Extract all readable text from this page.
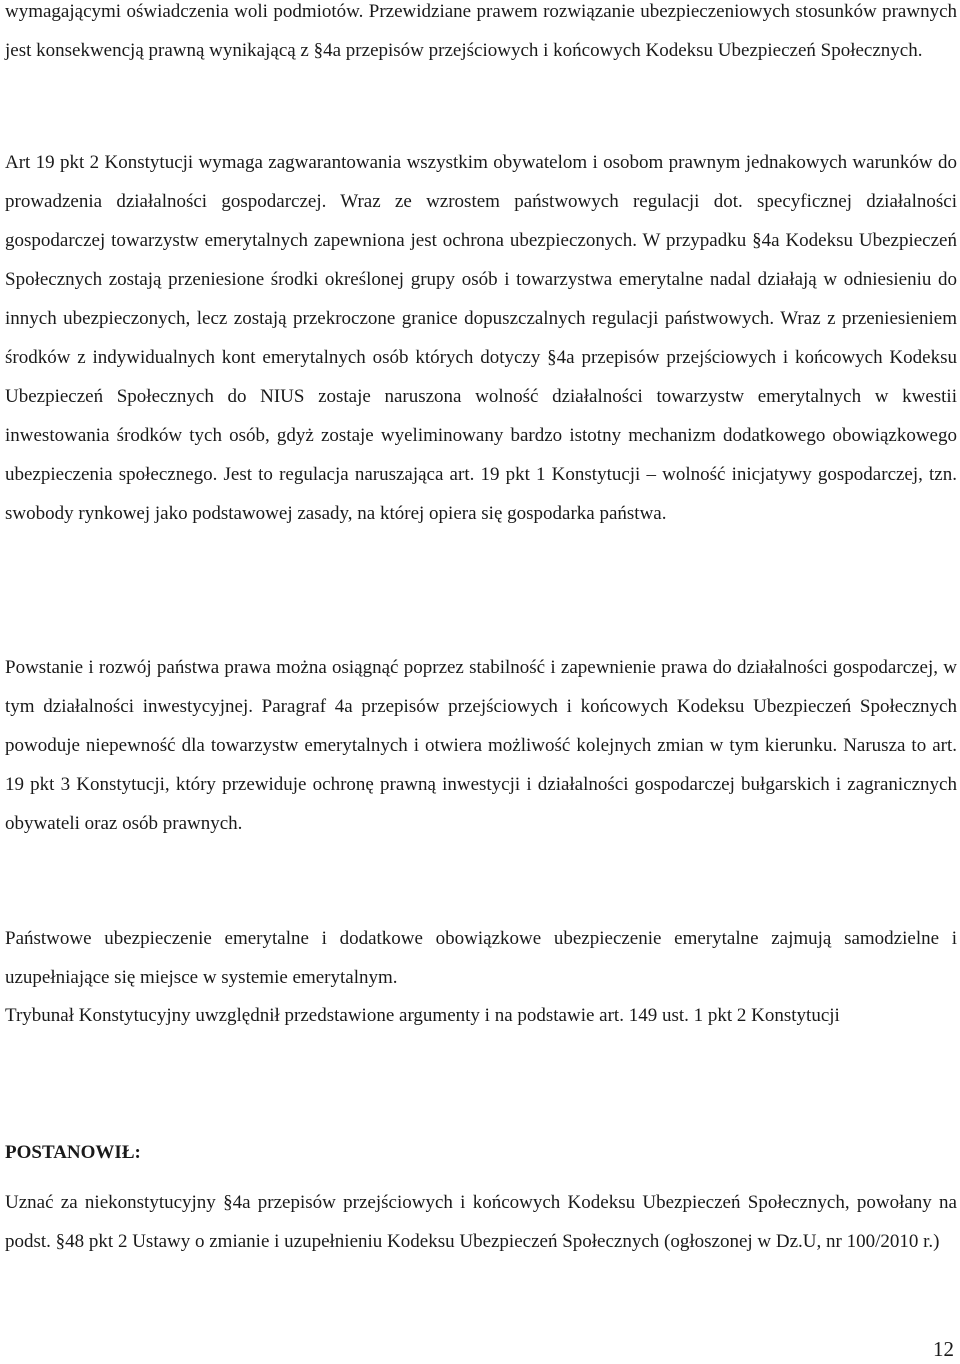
wymagającymi oświadczenia woli podmiotów. Przewidziane prawem rozwiązanie ubezpieczeniowych stosunków prawnych jest konsekwencją prawną wynikającą z §4a przepisów przejściowych i końcowych Kodeksu Ubezpieczeń Społecznych.

Art 19 pkt 2 Konstytucji wymaga zagwarantowania wszystkim obywatelom i osobom prawnym jednakowych warunków do prowadzenia działalności gospodarczej. Wraz ze wzrostem państwowych regulacji dot. specyficznej działalności gospodarczej towarzystw emerytalnych zapewniona jest ochrona ubezpieczonych. W przypadku §4a Kodeksu Ubezpieczeń Społecznych zostają przeniesione środki określonej grupy osób i towarzystwa emerytalne nadal działają w odniesieniu do innych ubezpieczonych, lecz zostają przekroczone granice dopuszczalnych regulacji państwowych. Wraz z przeniesieniem środków z indywidualnych kont emerytalnych osób których dotyczy §4a przepisów przejściowych i końcowych Kodeksu Ubezpieczeń Społecznych do NIUS zostaje naruszona wolność działalności towarzystw emerytalnych w kwestii inwestowania środków tych osób, gdyż zostaje wyeliminowany bardzo istotny mechanizm dodatkowego obowiązkowego ubezpieczenia społecznego. Jest to regulacja naruszająca art. 19 pkt 1 Konstytucji – wolność inicjatywy gospodarczej, tzn. swobody rynkowej jako podstawowej zasady, na której opiera się gospodarka państwa.

Powstanie i rozwój państwa prawa można osiągnąć poprzez stabilność i zapewnienie prawa do działalności gospodarczej, w tym działalności inwestycyjnej. Paragraf 4a przepisów przejściowych i końcowych Kodeksu Ubezpieczeń Społecznych powoduje niepewność dla towarzystw emerytalnych i otwiera możliwość kolejnych zmian w tym kierunku. Narusza to art. 19 pkt 3 Konstytucji, który przewiduje ochronę prawną inwestycji i działalności gospodarczej bułgarskich i zagranicznych obywateli oraz osób prawnych.

Państwowe ubezpieczenie emerytalne i dodatkowe obowiązkowe ubezpieczenie emerytalne zajmują samodzielne i uzupełniające się miejsce w systemie emerytalnym.

Trybunał Konstytucyjny uwzględnił przedstawione argumenty i na podstawie art. 149 ust. 1 pkt 2 Konstytucji

POSTANOWIŁ:

Uznać za niekonstytucyjny §4a przepisów przejściowych i końcowych Kodeksu Ubezpieczeń Społecznych, powołany na podst. §48 pkt 2 Ustawy o zmianie i uzupełnieniu Kodeksu Ubezpieczeń Społecznych (ogłoszonej w Dz.U, nr 100/2010 r.)

12
